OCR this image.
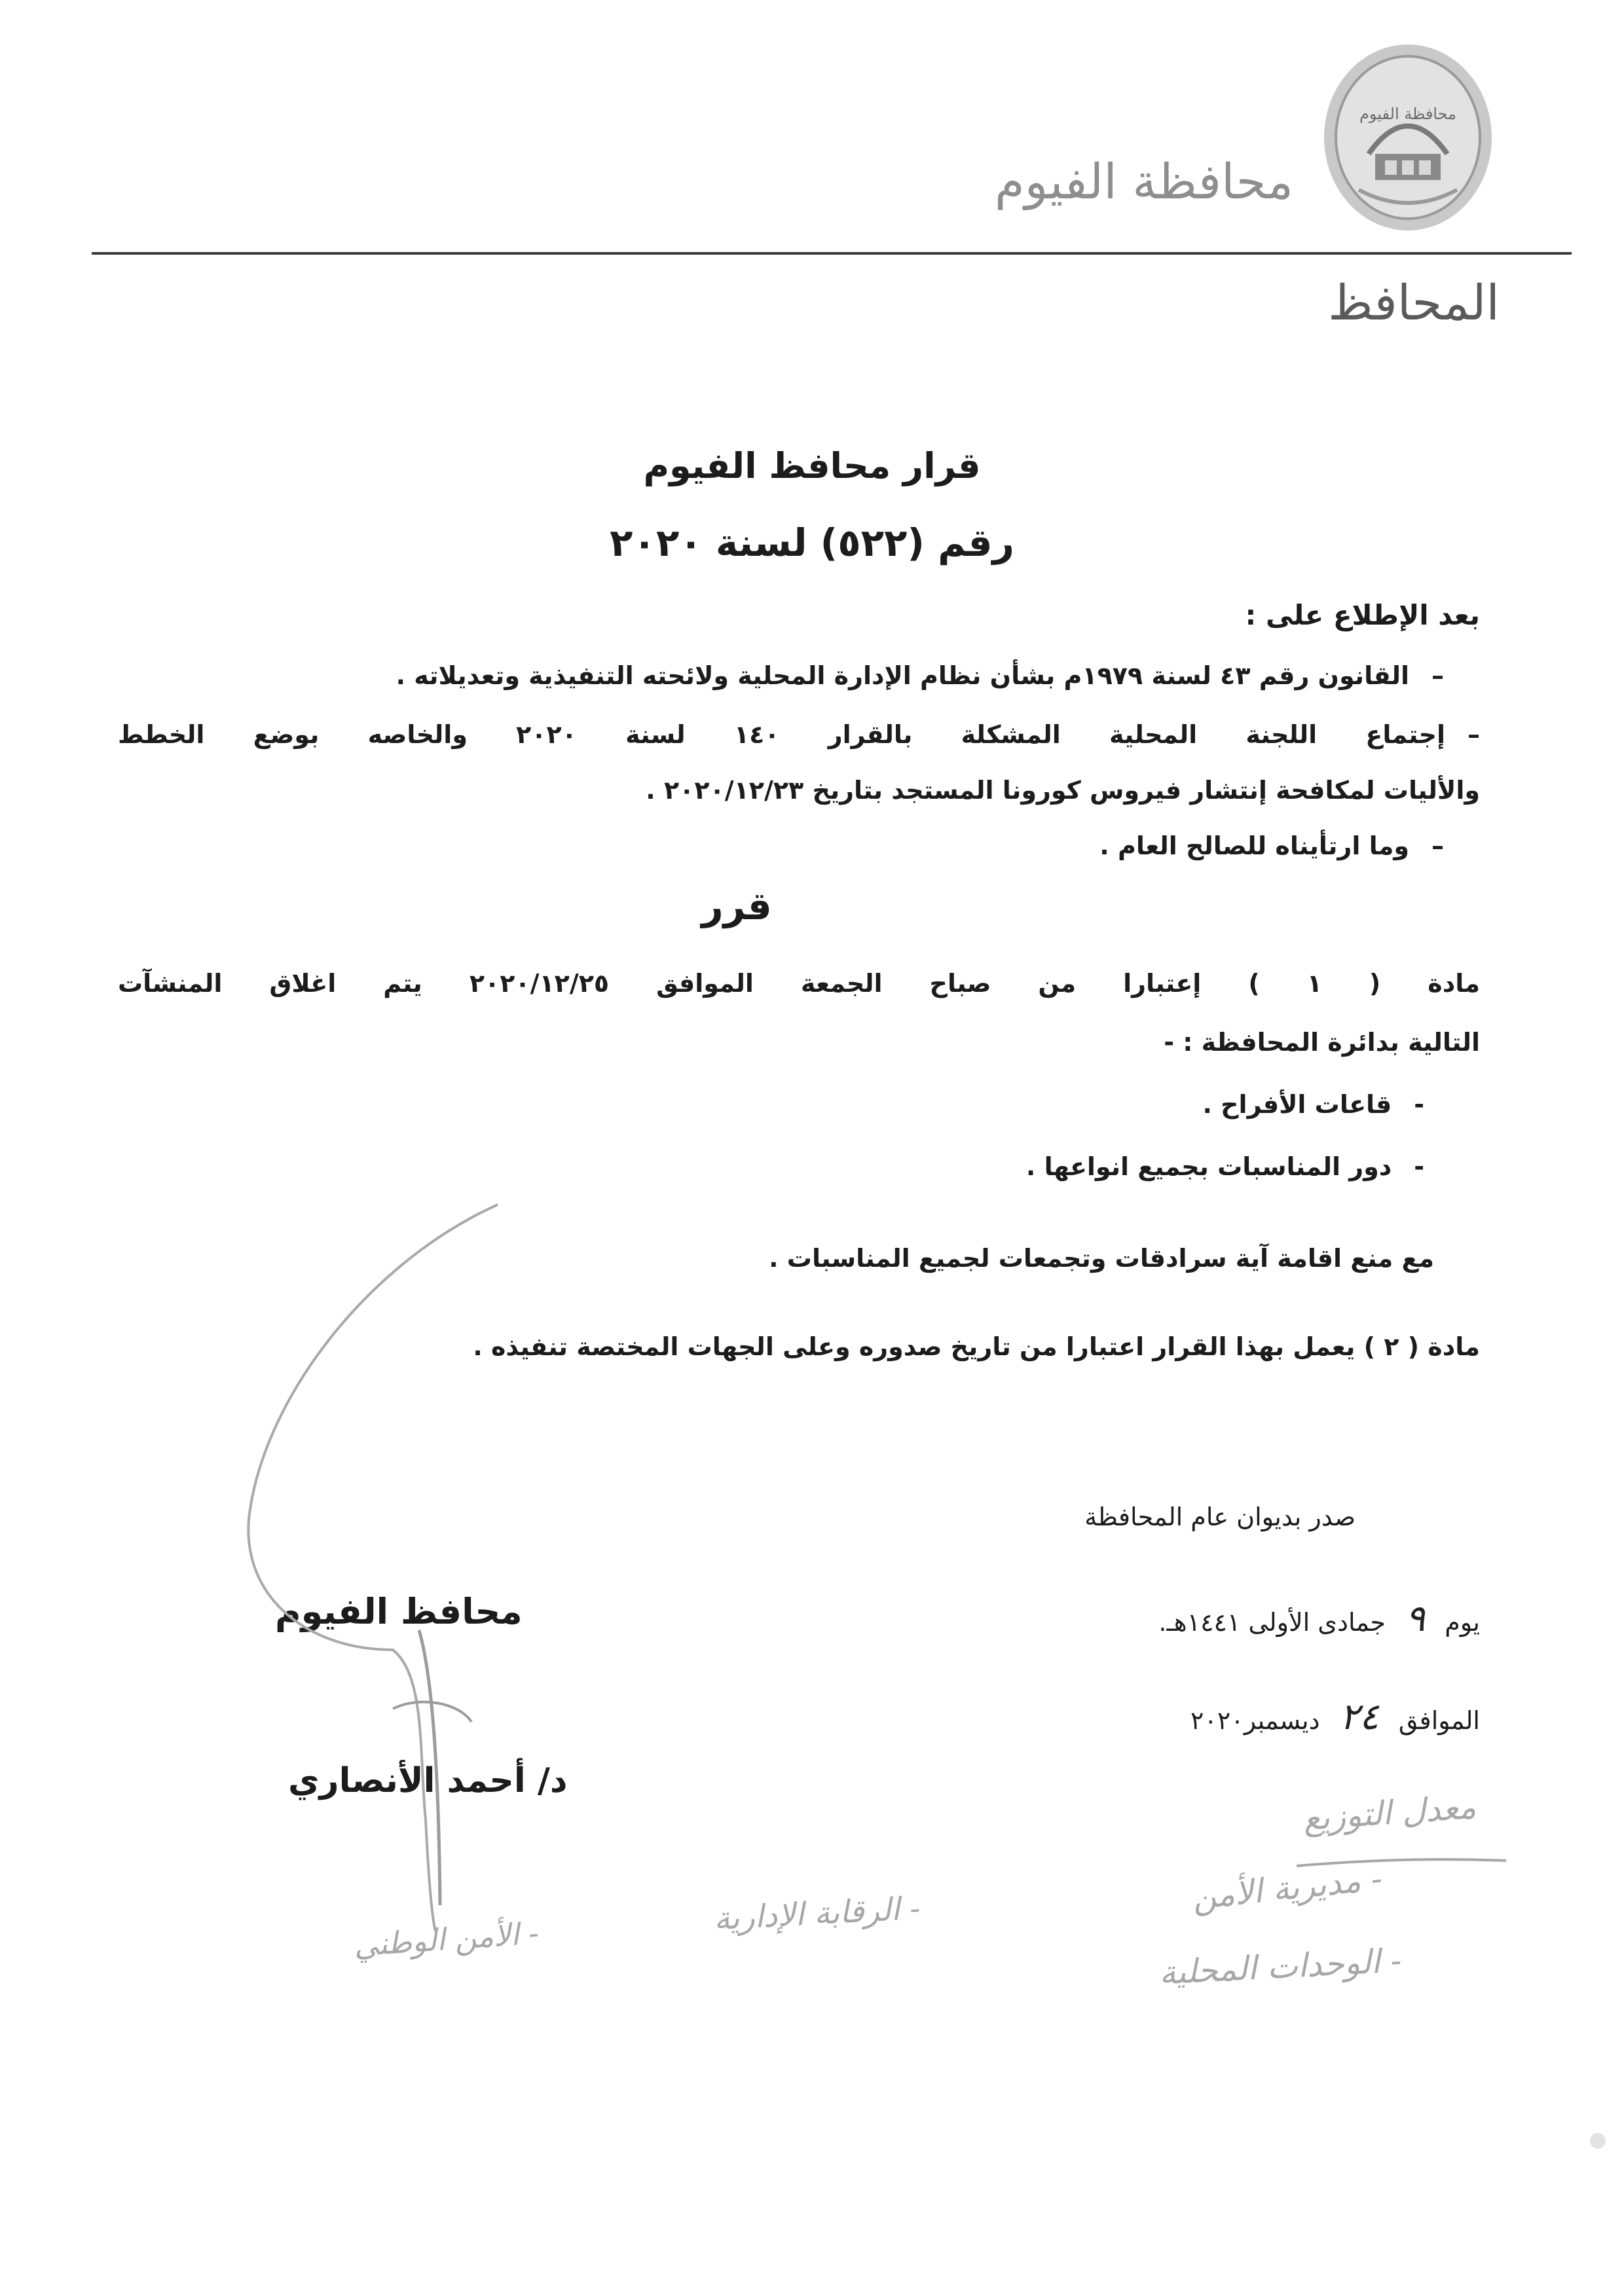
محافظة الفيوم
محافظة الفيوم
المحافظ
قرار محافظ الفيوم
رقم (٥٢٢) لسنة ٢٠٢٠
بعد الإطلاع على :
–القانون رقم ٤٣ لسنة ١٩٧٩م بشأن نظام الإدارة المحلية ولائحته التنفيذية وتعديلاته .
–إجتماع اللجنة المحلية المشكلة بالقرار ١٤٠ لسنة ٢٠٢٠ والخاصه بوضع الخطط
والأليات لمكافحة إنتشار فيروس كورونا المستجد بتاريخ ٢٠٢٠/١٢/٢٣ .
–وما ارتأيناه للصالح العام .
قرر
مادة ( ١ ) إعتبارا من صباح الجمعة الموافق ٢٠٢٠/١٢/٢٥ يتم اغلاق المنشآت
التالية بدائرة المحافظة : -
-قاعات الأفراح .
-دور المناسبات بجميع انواعها .
مع منع اقامة آية سرادقات وتجمعات لجميع المناسبات .
مادة ( ٢ ) يعمل بهذا القرار اعتبارا من تاريخ صدوره وعلى الجهات المختصة تنفيذه .
صدر بديوان عام المحافظة
يوم ٩ جمادى الأولى ١٤٤١هـ.
الموافق ٢٤ ديسمبر٢٠٢٠
محافظ الفيوم
د/ أحمد الأنصاري
معدل التوزيع
- مديرية الأمن
- الوحدات المحلية
- الرقابة الإدارية
- الأمن الوطني
